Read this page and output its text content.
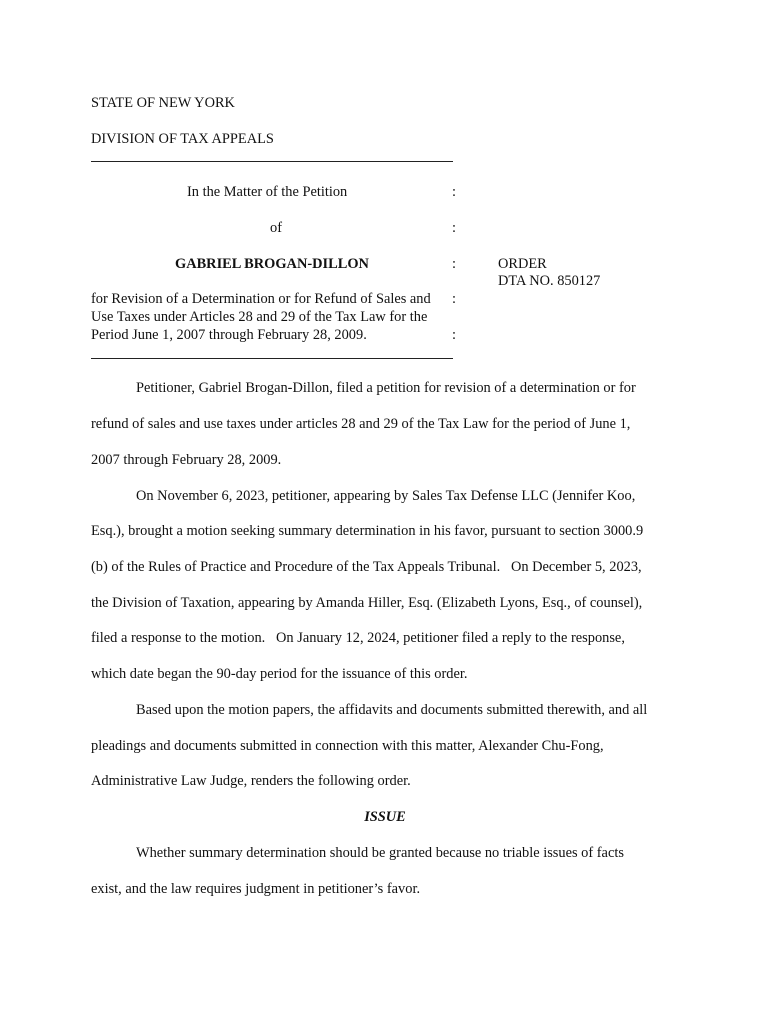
STATE OF NEW YORK
DIVISION OF TAX APPEALS
In the Matter of the Petition	:
of	:
GABRIEL BROGAN-DILLON	:	ORDER
DTA NO. 850127
for Revision of a Determination or for Refund of Sales and :
Use Taxes under Articles 28 and 29 of the Tax Law for the
Period June 1, 2007 through February 28, 2009.	:
Petitioner, Gabriel Brogan-Dillon, filed a petition for revision of a determination or for
refund of sales and use taxes under articles 28 and 29 of the Tax Law for the period of June 1,
2007 through February 28, 2009.
On November 6, 2023, petitioner, appearing by Sales Tax Defense LLC (Jennifer Koo,
Esq.), brought a motion seeking summary determination in his favor, pursuant to section 3000.9
(b) of the Rules of Practice and Procedure of the Tax Appeals Tribunal.   On December 5, 2023,
the Division of Taxation, appearing by Amanda Hiller, Esq. (Elizabeth Lyons, Esq., of counsel),
filed a response to the motion.   On January 12, 2024, petitioner filed a reply to the response,
which date began the 90-day period for the issuance of this order.
Based upon the motion papers, the affidavits and documents submitted therewith, and all
pleadings and documents submitted in connection with this matter, Alexander Chu-Fong,
Administrative Law Judge, renders the following order.
ISSUE
Whether summary determination should be granted because no triable issues of facts
exist, and the law requires judgment in petitioner’s favor.
